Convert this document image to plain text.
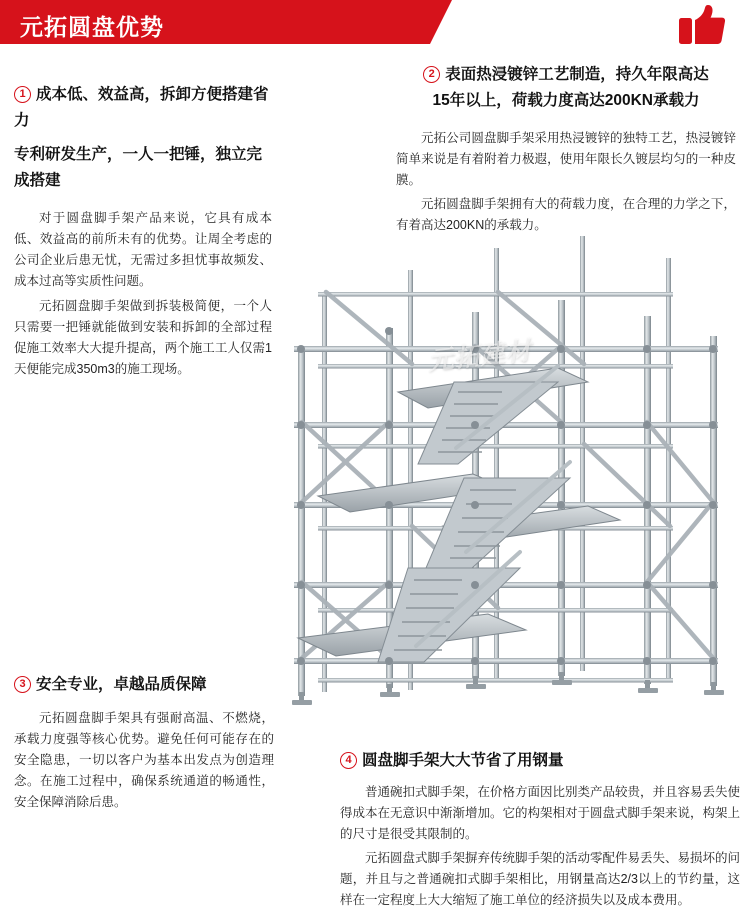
元拓圆盘优势
1 成本低、效益高，拆卸方便搭建省力
专利研发生产，一人一把锤，独立完成搭建

对于圆盘脚手架产品来说，它具有成本低、效益高的前所未有的优势。让周全考虑的公司企业后患无忧，无需过多担忧事故频发、成本过高等实质性问题。

元拓圆盘脚手架做到拆装极简便，一个人只需要一把锤就能做到安装和拆卸的全部过程促施工效率大大提升提高，两个施工工人仅需1天便能完成350m3的施工现场。

2 表面热浸镀锌工艺制造，持久年限高达
15年以上，荷载力度高达200KN承载力

元拓公司圆盘脚手架采用热浸镀锌的独特工艺，热浸镀锌简单来说是有着附着力极遐，使用年限长久镀层均匀的一种皮膜。

元拓圆盘脚手架拥有大的荷载力度，在合理的力学之下，有着高达200KN的承载力。

元拓建材
3 安全专业，卓越品质保障

元拓圆盘脚手架具有强耐高温、不燃烧，承载力度强等核心优势。避免任何可能存在的安全隐患，一切以客户为基本出发点为创造理念。在施工过程中，确保系统通道的畅通性，安全保障消除后患。

4 圆盘脚手架大大节省了用钢量

普通碗扣式脚手架，在价格方面因比别类产品较贵，并且容易丢失使得成本在无意识中渐渐增加。它的构架相对于圆盘式脚手架来说，构架上的尺寸是很受其限制的。

元拓圆盘式脚手架摒弃传统脚手架的活动零配件易丢失、易损坏的问题，并且与之普通碗扣式脚手架相比，用钢量高达2/3以上的节约量，这样在一定程度上大大缩短了施工单位的经济损失以及成本费用。
